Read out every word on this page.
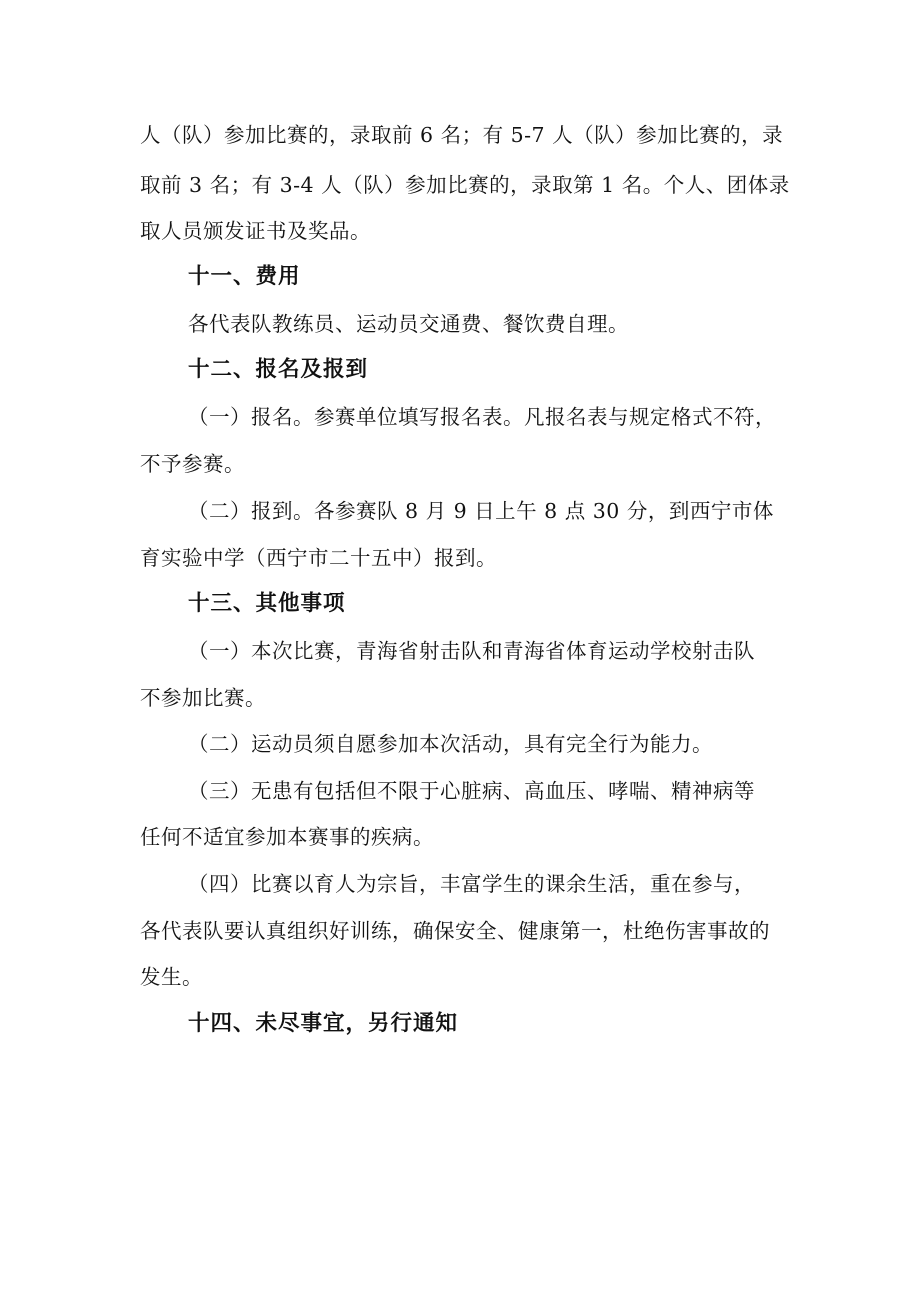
人（队）参加比赛的，录取前 6 名；有 5-7 人（队）参加比赛的，录
取前 3 名；有 3-4 人（队）参加比赛的，录取第 1 名。个人、团体录
取人员颁发证书及奖品。
十一、费用
各代表队教练员、运动员交通费、餐饮费自理。
十二、报名及报到
（一）报名。参赛单位填写报名表。凡报名表与规定格式不符，
不予参赛。
（二）报到。各参赛队 8 月 9 日上午 8 点 30 分，到西宁市体
育实验中学（西宁市二十五中）报到。
十三、其他事项
（一）本次比赛，青海省射击队和青海省体育运动学校射击队
不参加比赛。
（二）运动员须自愿参加本次活动，具有完全行为能力。
（三）无患有包括但不限于心脏病、高血压、哮喘、精神病等
任何不适宜参加本赛事的疾病。
（四）比赛以育人为宗旨，丰富学生的课余生活，重在参与，
各代表队要认真组织好训练，确保安全、健康第一，杜绝伤害事故的
发生。
十四、未尽事宜，另行通知
